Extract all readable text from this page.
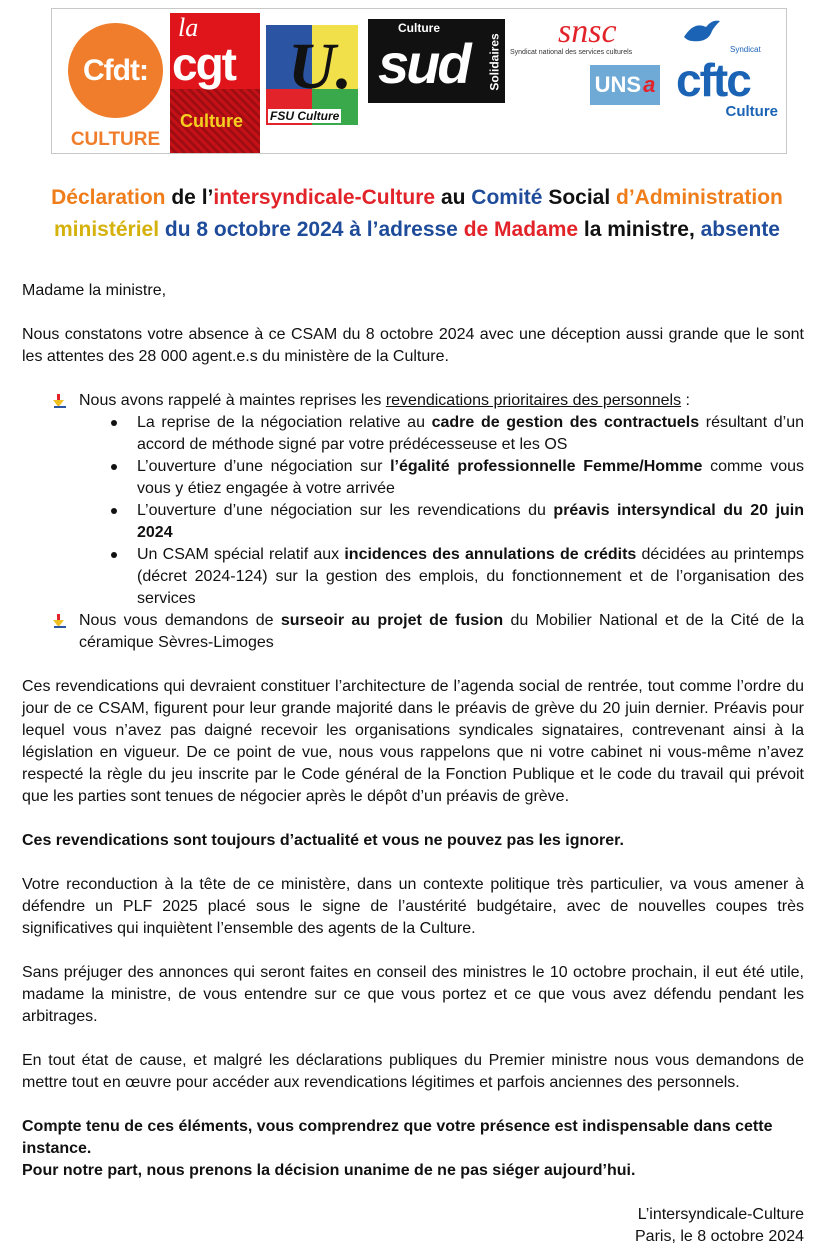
Cfdt:
CULTURE
la
cgt
Culture
U.
FSU Culture
Culture
sud Solidaires
snsc
Syndicat national des services culturels
UNS a
Syndicat
cftc
Culture
Déclaration de l’intersyndicale-Culture au Comité Social d’Administration
ministériel du 8 octobre 2024 à l’adresse de Madame la ministre, absente

Madame la ministre,

Nous constatons votre absence à ce CSAM du 8 octobre 2024 avec une déception aussi grande que le sont les attentes des 28 000 agent.e.s du ministère de la Culture.

Nous avons rappelé à maintes reprises les revendications prioritaires des personnels :
La reprise de la négociation relative au cadre de gestion des contractuels résultant d’un accord de méthode signé par votre prédécesseuse et les OS
L’ouverture d’une négociation sur l’égalité professionnelle Femme/Homme comme vous vous y étiez engagée à votre arrivée
L’ouverture d’une négociation sur les revendications du préavis intersyndical du 20 juin 2024
Un CSAM spécial relatif aux incidences des annulations de crédits décidées au printemps (décret 2024-124) sur la gestion des emplois, du fonctionnement et de l’organisation des services
Nous vous demandons de surseoir au projet de fusion du Mobilier National et de la Cité de la céramique Sèvres-Limoges

Ces revendications qui devraient constituer l’architecture de l’agenda social de rentrée, tout comme l’ordre du jour de ce CSAM, figurent pour leur grande majorité dans le préavis de grève du 20 juin dernier. Préavis pour lequel vous n’avez pas daigné recevoir les organisations syndicales signataires, contrevenant ainsi à la législation en vigueur. De ce point de vue, nous vous rappelons que ni votre cabinet ni vous-même n’avez respecté la règle du jeu inscrite par le Code général de la Fonction Publique et le code du travail qui prévoit que les parties sont tenues de négocier après le dépôt d’un préavis de grève.

Ces revendications sont toujours d’actualité et vous ne pouvez pas les ignorer.

Votre reconduction à la tête de ce ministère, dans un contexte politique très particulier, va vous amener à défendre un PLF 2025 placé sous le signe de l’austérité budgétaire, avec de nouvelles coupes très significatives qui inquiètent l’ensemble des agents de la Culture.

Sans préjuger des annonces qui seront faites en conseil des ministres le 10 octobre prochain, il eut été utile, madame la ministre, de vous entendre sur ce que vous portez et ce que vous avez défendu pendant les arbitrages.

En tout état de cause, et malgré les déclarations publiques du Premier ministre nous vous demandons de mettre tout en œuvre pour accéder aux revendications légitimes et parfois anciennes des personnels.

Compte tenu de ces éléments, vous comprendrez que votre présence est indispensable dans cette instance.
Pour notre part, nous prenons la décision unanime de ne pas siéger aujourd’hui.

L’intersyndicale-Culture
Paris, le 8 octobre 2024
